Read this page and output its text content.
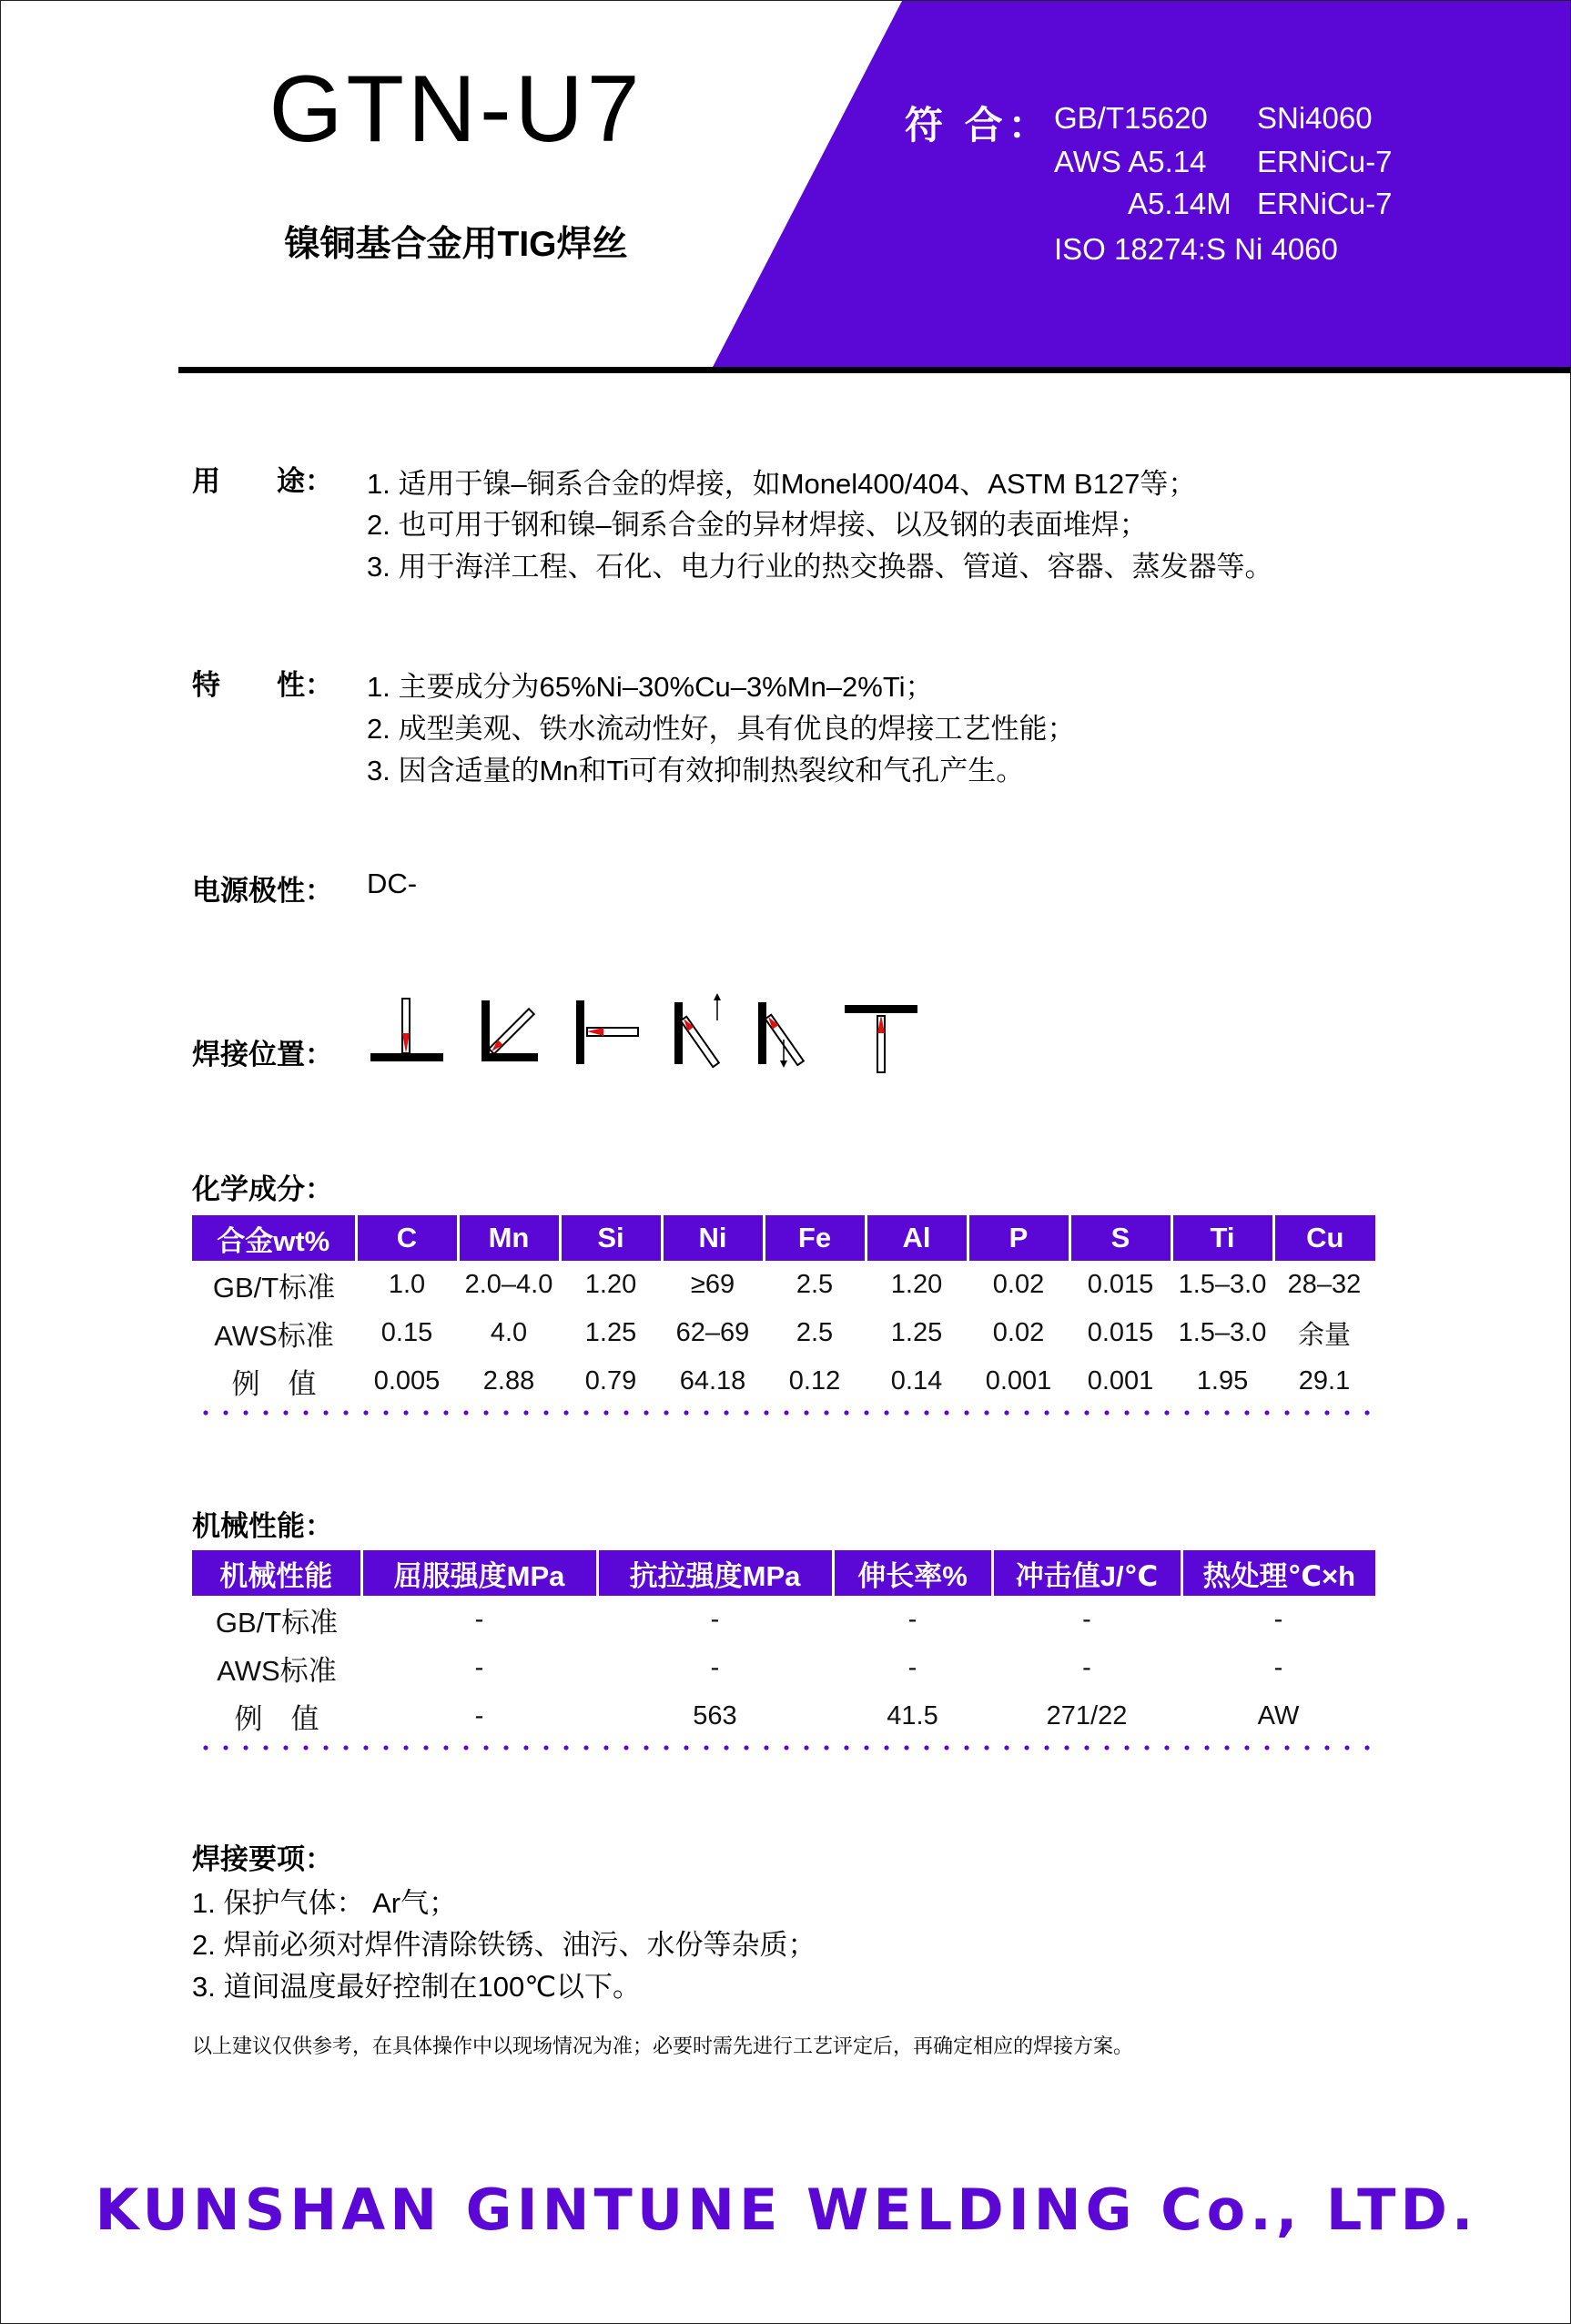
GTN-U7
镍铜基合金用TIG焊丝
符 合： GB/T15620 SNi4060
AWS A5.14 ERNiCu-7
A5.14M ERNiCu-7
ISO 18274:S Ni 4060
用　　途： 1. 适用于镍–铜系合金的焊接，如Monel400/404、ASTM B127等；
2. 也可用于钢和镍–铜系合金的异材焊接、以及钢的表面堆焊；
3. 用于海洋工程、石化、电力行业的热交换器、管道、容器、蒸发器等。
特　　性： 1. 主要成分为65%Ni–30%Cu–3%Mn–2%Ti；
2. 成型美观、铁水流动性好，具有优良的焊接工艺性能；
3. 因含适量的Mn和Ti可有效抑制热裂纹和气孔产生。
电源极性： DC-
焊接位置：
化学成分：
合金wt%	C	Mn	Si	Ni	Fe	Al	P	S	Ti	Cu
GB/T标准	1.0	2.0–4.0	1.20	≥69	2.5	1.20	0.02	0.015	1.5–3.0	28–32
AWS标准	0.15	4.0	1.25	62–69	2.5	1.25	0.02	0.015	1.5–3.0	余量
例　值	0.005	2.88	0.79	64.18	0.12	0.14	0.001	0.001	1.95	29.1
机械性能：
机械性能	屈服强度MPa	抗拉强度MPa	伸长率%	冲击值J/℃	热处理℃×h
GB/T标准	-	-	-	-	-
AWS标准	-	-	-	-	-
例　值	-	563	41.5	271/22	AW
焊接要项：
1. 保护气体： Ar气；
2. 焊前必须对焊件清除铁锈、油污、水份等杂质；
3. 道间温度最好控制在100℃以下。
以上建议仅供参考，在具体操作中以现场情况为准；必要时需先进行工艺评定后，再确定相应的焊接方案。
KUNSHAN GINTUNE WELDING Co., LTD.
